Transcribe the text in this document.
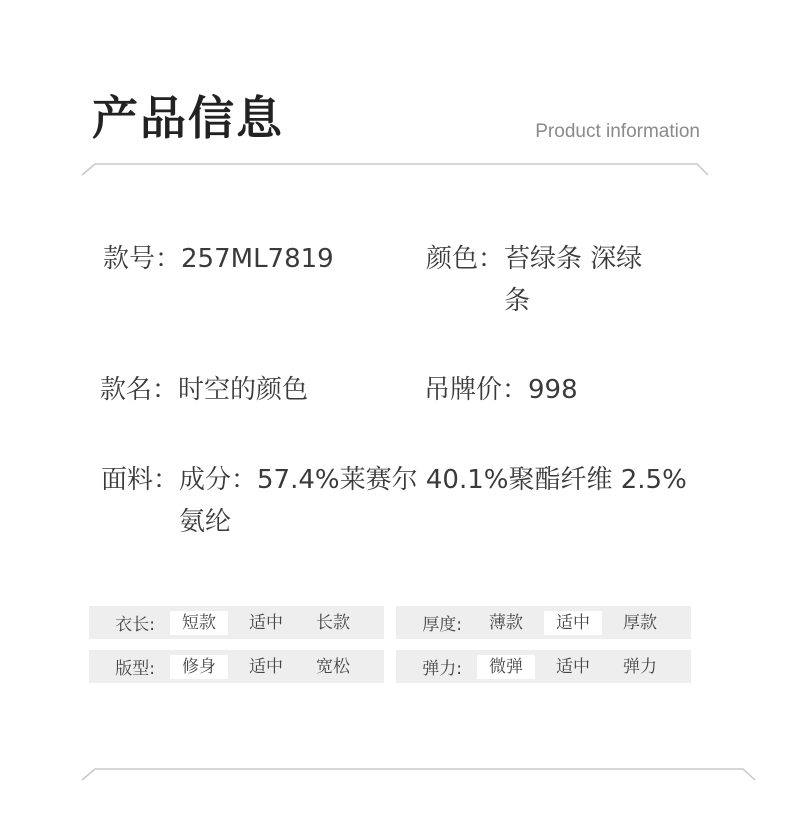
产品信息	Product information
款号：257ML7819	颜色： 苔绿条 深绿
条
款名：时空的颜色	吊牌价：998
面料： 成分：57.4%莱赛尔 40.1%聚酯纤维 2.5%
氨纶
衣长:	短款	适中	长款	厚度:	薄款	适中	厚款
版型:	修身	适中	宽松	弹力:	微弹	适中	弹力
